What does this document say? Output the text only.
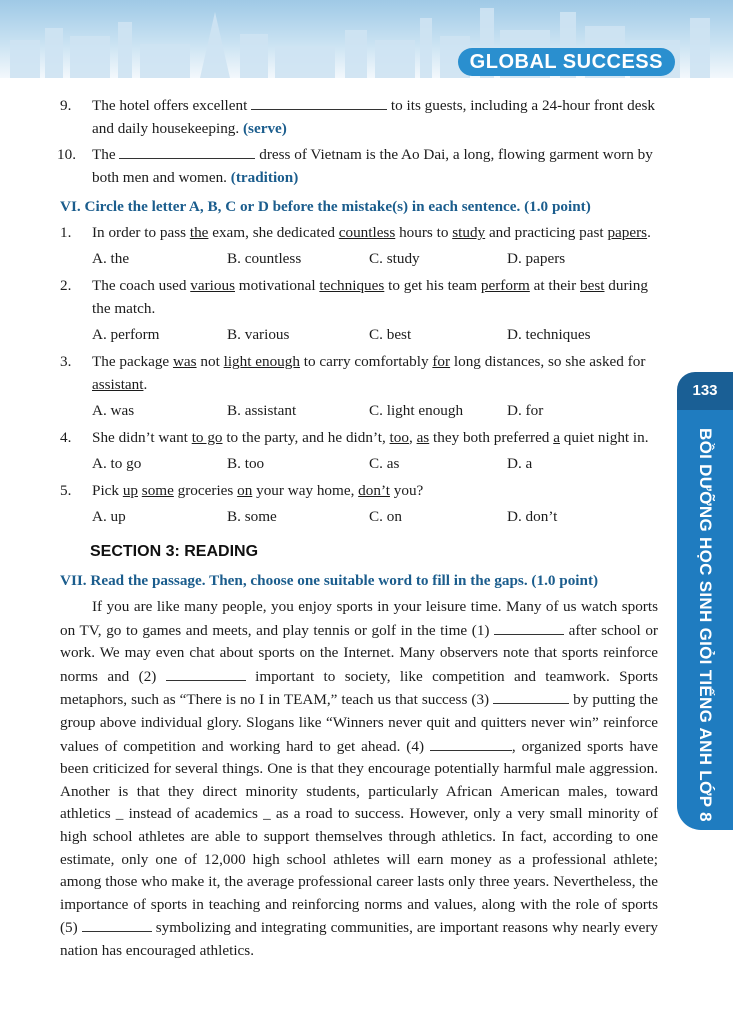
GLOBAL SUCCESS
133
BỒI DƯỠNG HỌC SINH GIỎI TIẾNG ANH LỚP 8
9. The hotel offers excellent	to its guests, including a 24-hour front desk and daily housekeeping. (serve)
10. The	dress of Vietnam is the Ao Dai, a long, flowing garment worn by both men and women. (tradition)
VI. Circle the letter A, B, C or D before the mistake(s) in each sentence. (1.0 point)
1. In order to pass the exam, she dedicated countless hours to study and practicing past papers.
A. the	B. countless	C. study	D. papers
2. The coach used various motivational techniques to get his team perform at their best during the match.
A. perform	B. various	C. best	D. techniques
3. The package was not light enough to carry comfortably for long distances, so she asked for assistant.
A. was	B. assistant	C. light enough	D. for
4. She didn’t want to go to the party, and he didn’t, too, as they both preferred a quiet night in.
A. to go	B. too	C. as	D. a
5. Pick up some groceries on your way home, don’t you?
A. up	B. some	C. on	D. don’t
SECTION 3: READING
VII. Read the passage. Then, choose one suitable word to fill in the gaps. (1.0 point)

If you are like many people, you enjoy sports in your leisure time. Many of us watch sports on TV, go to games and meets, and play tennis or golf in the time (1)	after school or work. We may even chat about sports on the Internet. Many observers note that sports reinforce norms and (2)	important to society, like competition and teamwork. Sports metaphors, such as “There is no I in TEAM,” teach us that success (3)	by putting the group above individual glory. Slogans like “Winners never quit and quitters never win” reinforce values of competition and working hard to get ahead. (4)	, organized sports have been criticized for several things. One is that they encourage potentially harmful male aggression. Another is that they direct minority students, particularly African American males, toward athletics _ instead of academics _ as a road to success. However, only a very small minority of high school athletes are able to support themselves through athletics. In fact, according to one estimate, only one of 12,000 high school athletes will earn money as a professional athlete; among those who make it, the average professional career lasts only three years. Nevertheless, the importance of sports in teaching and reinforcing norms and values, along with the role of sports (5)	symbolizing and integrating communities, are important reasons why nearly every nation has encouraged athletics.
